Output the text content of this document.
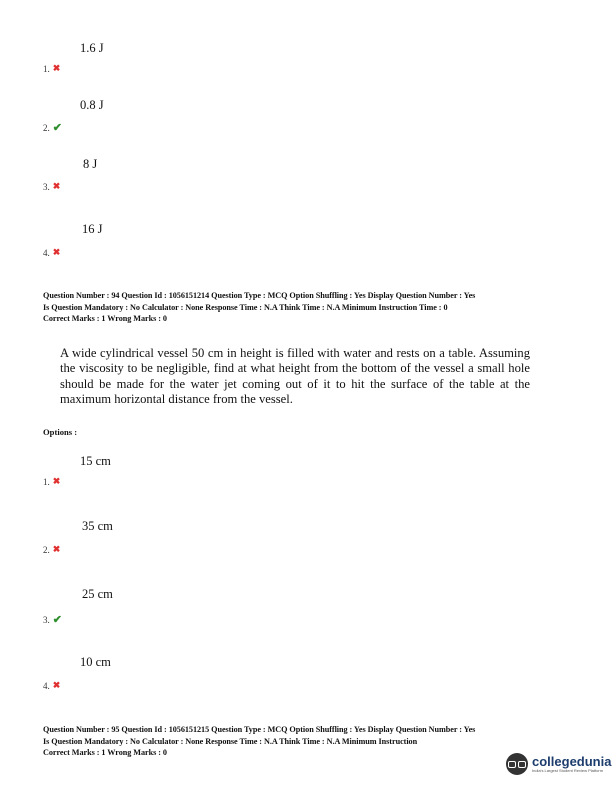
1.6 J
1. ✖
0.8 J
2. ✔
8 J
3. ✖
16 J
4. ✖
Question Number : 94 Question Id : 1056151214 Question Type : MCQ Option Shuffling : Yes Display Question Number : Yes
Is Question Mandatory : No Calculator : None Response Time : N.A Think Time : N.A Minimum Instruction Time : 0
Correct Marks : 1 Wrong Marks : 0
A wide cylindrical vessel 50 cm in height is filled with water and rests on a table. Assuming the viscosity to be negligible, find at what height from the bottom of the vessel a small hole should be made for the water jet coming out of it to hit the surface of the table at the maximum horizontal distance from the vessel.
Options :
15 cm
1. ✖
35 cm
2. ✖
25 cm
3. ✔
10 cm
4. ✖
Question Number : 95 Question Id : 1056151215 Question Type : MCQ Option Shuffling : Yes Display Question Number : Yes
Is Question Mandatory : No Calculator : None Response Time : N.A Think Time : N.A Minimum Instruction
Correct Marks : 1 Wrong Marks : 0
collegedunia
India's Largest Student Review Platform
